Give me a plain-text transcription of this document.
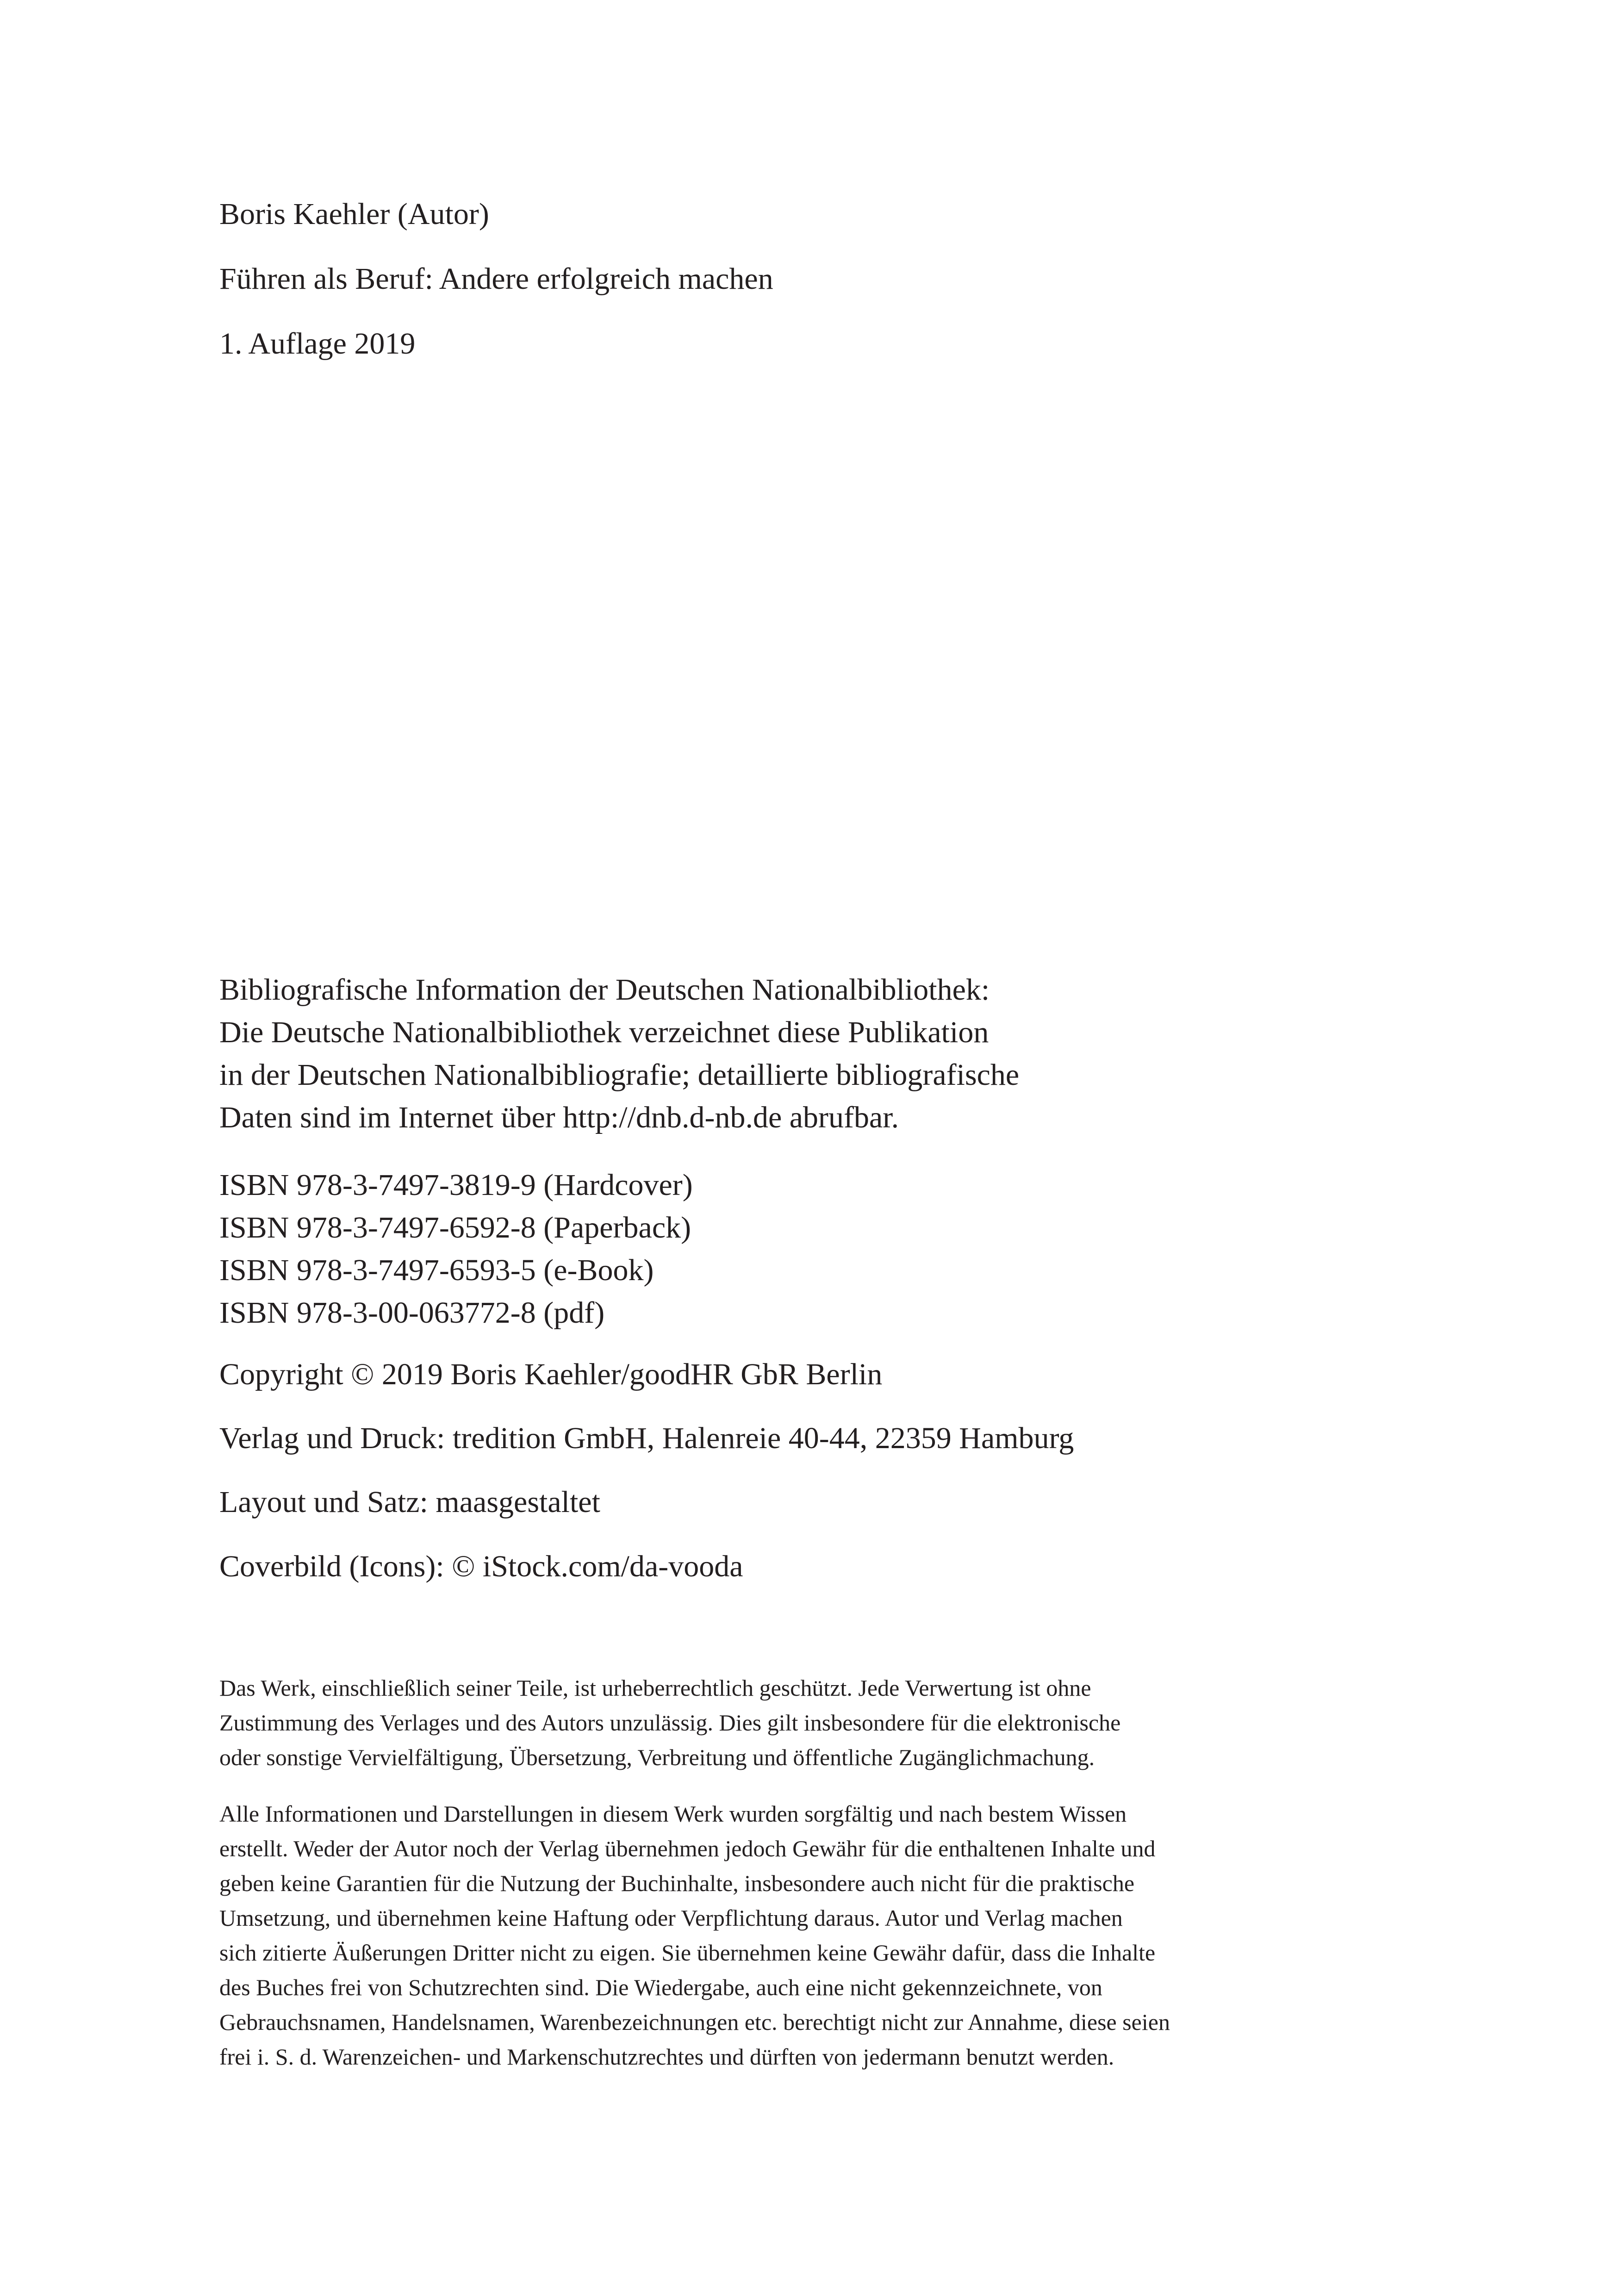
Boris Kaehler (Autor)
Führen als Beruf: Andere erfolgreich machen
1. Auflage 2019
Bibliografische Information der Deutschen Nationalbibliothek:
Die Deutsche Nationalbibliothek verzeichnet diese Publikation
in der Deutschen Nationalbibliografie; detaillierte bibliografische
Daten sind im Internet über http://dnb.d-nb.de abrufbar.
ISBN 978-3-7497-3819-9 (Hardcover)
ISBN 978-3-7497-6592-8 (Paperback)
ISBN 978-3-7497-6593-5 (e-Book)
ISBN 978-3-00-063772-8 (pdf)
Copyright © 2019 Boris Kaehler/goodHR GbR Berlin
Verlag und Druck: tredition GmbH, Halenreie 40-44, 22359 Hamburg
Layout und Satz: maasgestaltet
Coverbild (Icons): © iStock.com/da-vooda
Das Werk, einschließlich seiner Teile, ist urheberrechtlich geschützt. Jede Verwertung ist ohne
Zustimmung des Verlages und des Autors unzulässig. Dies gilt insbesondere für die elektronische
oder sonstige Vervielfältigung, Übersetzung, Verbreitung und öffentliche Zugänglichmachung.
Alle Informationen und Darstellungen in diesem Werk wurden sorgfältig und nach bestem Wissen
erstellt. Weder der Autor noch der Verlag übernehmen jedoch Gewähr für die enthaltenen Inhalte und
geben keine Garantien für die Nutzung der Buchinhalte, insbesondere auch nicht für die praktische
Umsetzung, und übernehmen keine Haftung oder Verpflichtung daraus. Autor und Verlag machen
sich zitierte Äußerungen Dritter nicht zu eigen. Sie übernehmen keine Gewähr dafür, dass die Inhalte
des Buches frei von Schutzrechten sind. Die Wiedergabe, auch eine nicht gekennzeichnete, von
Gebrauchsnamen, Handelsnamen, Warenbezeichnungen etc. berechtigt nicht zur Annahme, diese seien
frei i. S. d. Warenzeichen- und Markenschutzrechtes und dürften von jedermann benutzt werden.
